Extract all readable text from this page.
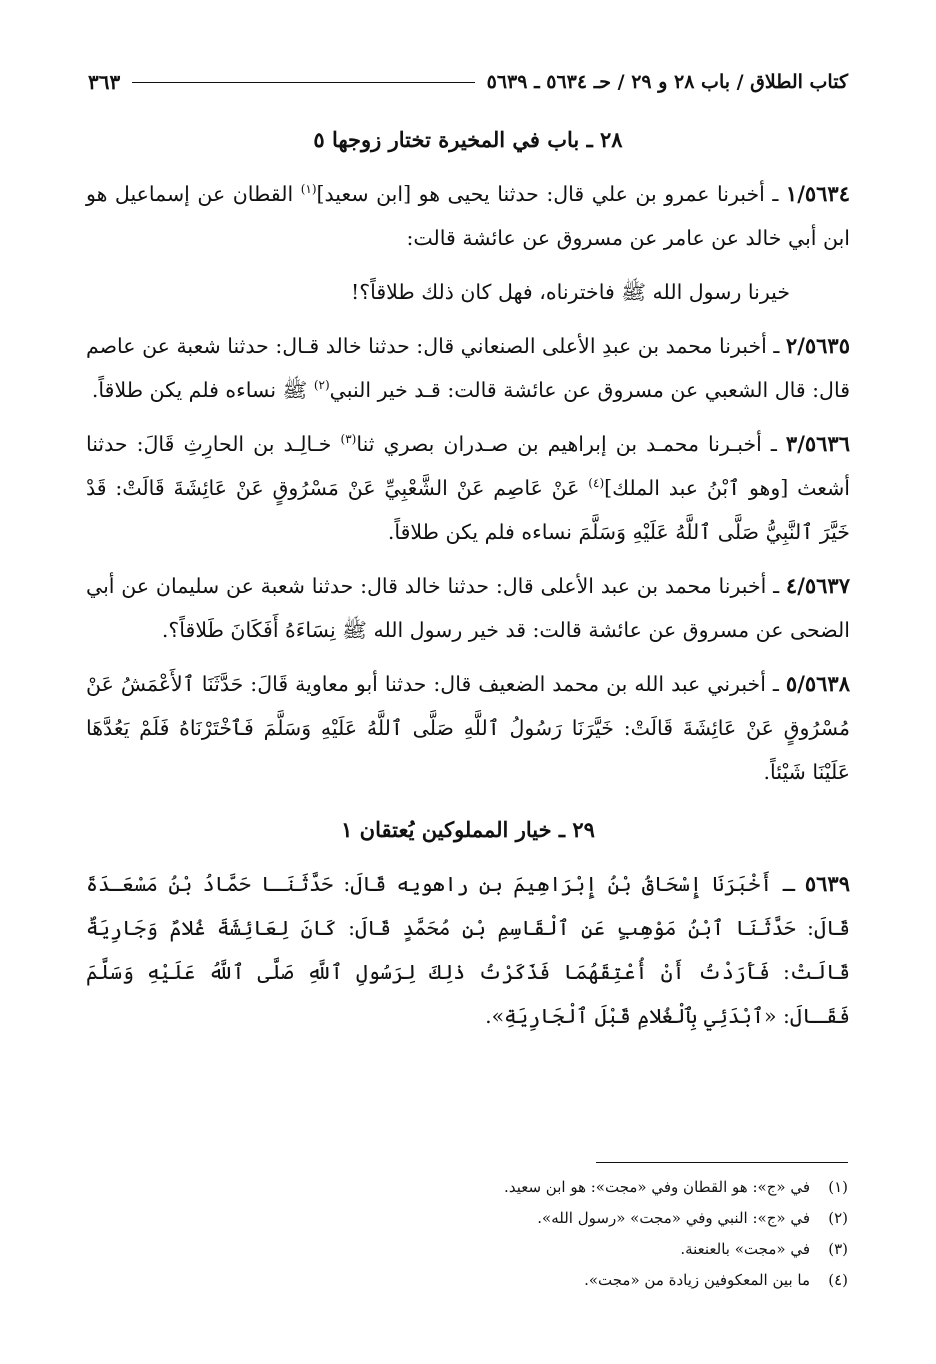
كتاب الطلاق / باب ٢٨ و ٢٩ / حـ ٥٦٣٤ ـ ٥٦٣٩
٣٦٣
٢٨ ـ باب في المخيرة تختار زوجها ٥

١/٥٦٣٤ ـ أخبرنا عمرو بن علي قال: حدثنا يحيى هو [ابن سعيد]$^{(١)}$ القطان عن إسماعيل هو ابن أبي خالد عن عامر عن مسروق عن عائشة قالت:

خيرنا رسول الله ﷺ فاخترناه، فهل كان ذلك طلاقاً؟!

٢/٥٦٣٥ ـ أخبرنا محمد بن عبدِ الأعلى الصنعاني قال: حدثنا خالد قـال: حدثنا شعبة عن عاصم قال: قال الشعبي عن مسروق عن عائشة قالت: قـد خير النبي$^{(٢)}$ ﷺ نساءه فلم يكن طلاقاً.

٣/٥٦٣٦ ـ أخبـرنا محمـد بن إبراهيم بن صـدران بصري ثنا$^{(٣)}$ خـالِـد بن الحارِثِ قَالَ: حدثنا أشعث [وهو ٱبْنُ عبد الملك]$^{(٤)}$ عَنْ عَاصِم عَنْ الشَّعْبِيِّ عَنْ مَسْرُوقٍ عَنْ عَائِشَةَ قَالَتْ: قَدْ خَيَّرَ ٱلنَّبِيُّ صَلَّى ٱللَّهُ عَلَيْهِ وَسَلَّمَ نساءه فلم يكن طلاقاً.

٤/٥٦٣٧ ـ أخبرنا محمد بن عبد الأعلى قال: حدثنا خالد قال: حدثنا شعبة عن سليمان عن أبي الضحى عن مسروق عن عائشة قالت: قد خير رسول الله ﷺ نِسَاءَهُ أَفَكَانَ طَلاقاً؟.

٥/٥٦٣٨ ـ أخبرني عبد الله بن محمد الضعيف قال: حدثنا أبو معاوية قَالَ: حَدَّثَنَا ٱلأَعْمَشُ عَنْ مُسْرُوقٍ عَنْ عَائِشَةَ قَالَتْ: خَيَّرَنَا رَسُولُ ٱللَّهِ صَلَّى ٱللَّهُ عَلَيْهِ وَسَلَّمَ فَٱخْتَرْنَاهُ فَلَمْ يَعُدَّهَا عَلَيْنَا شَيْئاً.

٢٩ ـ خيار المملوكين يُعتقان ١

٥٦٣٩ ـ أَخْبَرَنَا إِسْحَاقُ بْنُ إِبْرَاهِيمَ بن راهويه قَالَ: حَدَّثَنَـا حَمَّادُ بْنُ مَسْعَـدَةَ قَالَ: حَدَّثَنَا ٱبْنُ مَوْهِبٍ عَنِ ٱلْقَاسِمِ بْنِ مُحَمَّدٍ قَالَ: كَانَ لِعَائِشَةَ غُلامٌ وَجَارِيَةٌ قَالَتْ: فَأَرَدْتُ أَنْ أُعْتِقَهُمَا فَذَكَرْتُ ذٰلِكَ لِرَسُولِ ٱللَّهِ صَلَّى ٱللَّهُ عَلَيْهِ وَسَلَّمَ فَقَـالَ: «ٱبْدَئِي بِٱلْغُلامِ قَبْلَ ٱلْجَارِيَةِ».

(١)في «ج»: هو القطان وفي «مجت»: هو ابن سعيد.

(٢)في «ج»: النبي وفي «مجت» «رسول الله».

(٣)في «مجت» بالعنعنة.

(٤)ما بين المعكوفين زيادة من «مجت».
